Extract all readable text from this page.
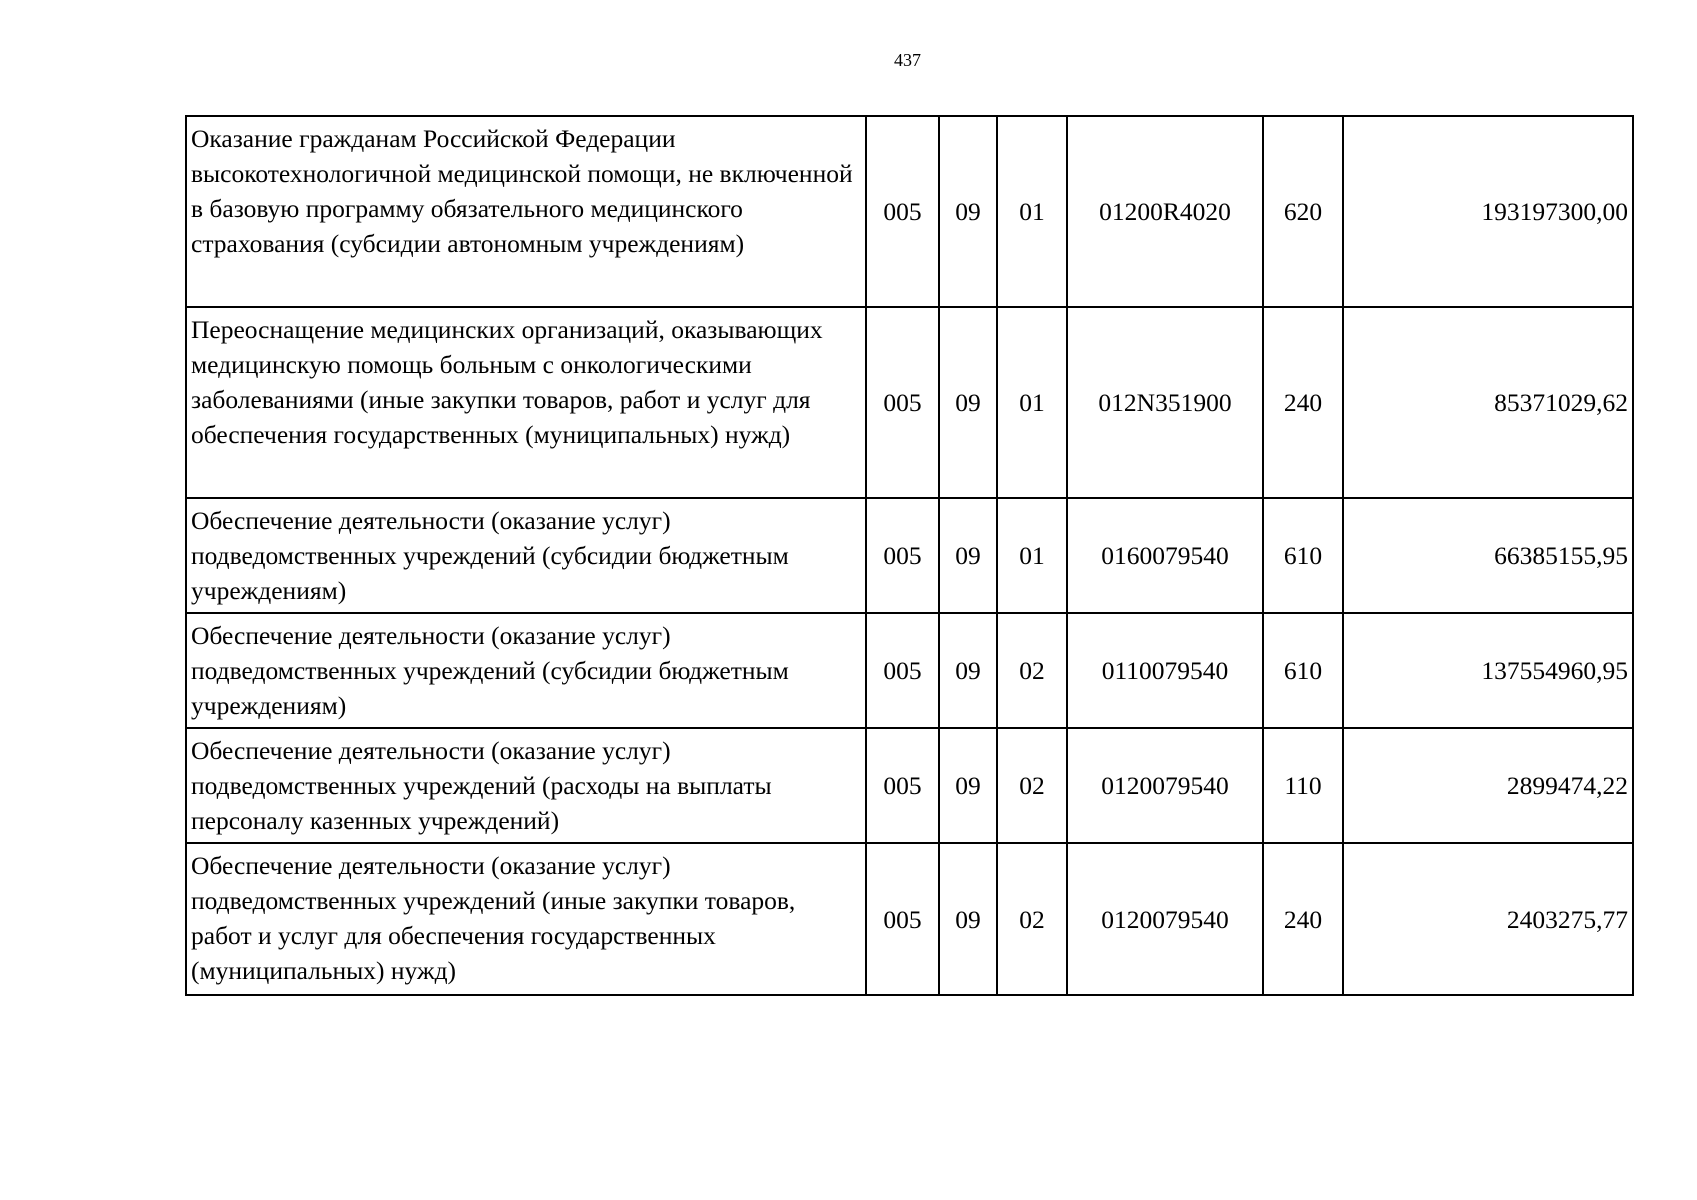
437
Оказание гражданам Российской Федерации высокотехнологичной медицинской помощи, не включенной в базовую программу обязательного медицинского страхования (субсидии автономным учреждениям)	005	09	01	01200R4020	620	193197300,00
Переоснащение медицинских организаций, оказывающих медицинскую помощь больным с онкологическими заболеваниями (иные закупки товаров, работ и услуг для обеспечения государственных (муниципальных) нужд)	005	09	01	012N351900	240	85371029,62
Обеспечение деятельности (оказание услуг) подведомственных учреждений (субсидии бюджетным учреждениям)	005	09	01	0160079540	610	66385155,95
Обеспечение деятельности (оказание услуг) подведомственных учреждений (субсидии бюджетным учреждениям)	005	09	02	0110079540	610	137554960,95
Обеспечение деятельности (оказание услуг) подведомственных учреждений (расходы на выплаты персоналу казенных учреждений)	005	09	02	0120079540	110	2899474,22
Обеспечение деятельности (оказание услуг) подведомственных учреждений (иные закупки товаров, работ и услуг для обеспечения государственных (муниципальных) нужд)	005	09	02	0120079540	240	2403275,77
